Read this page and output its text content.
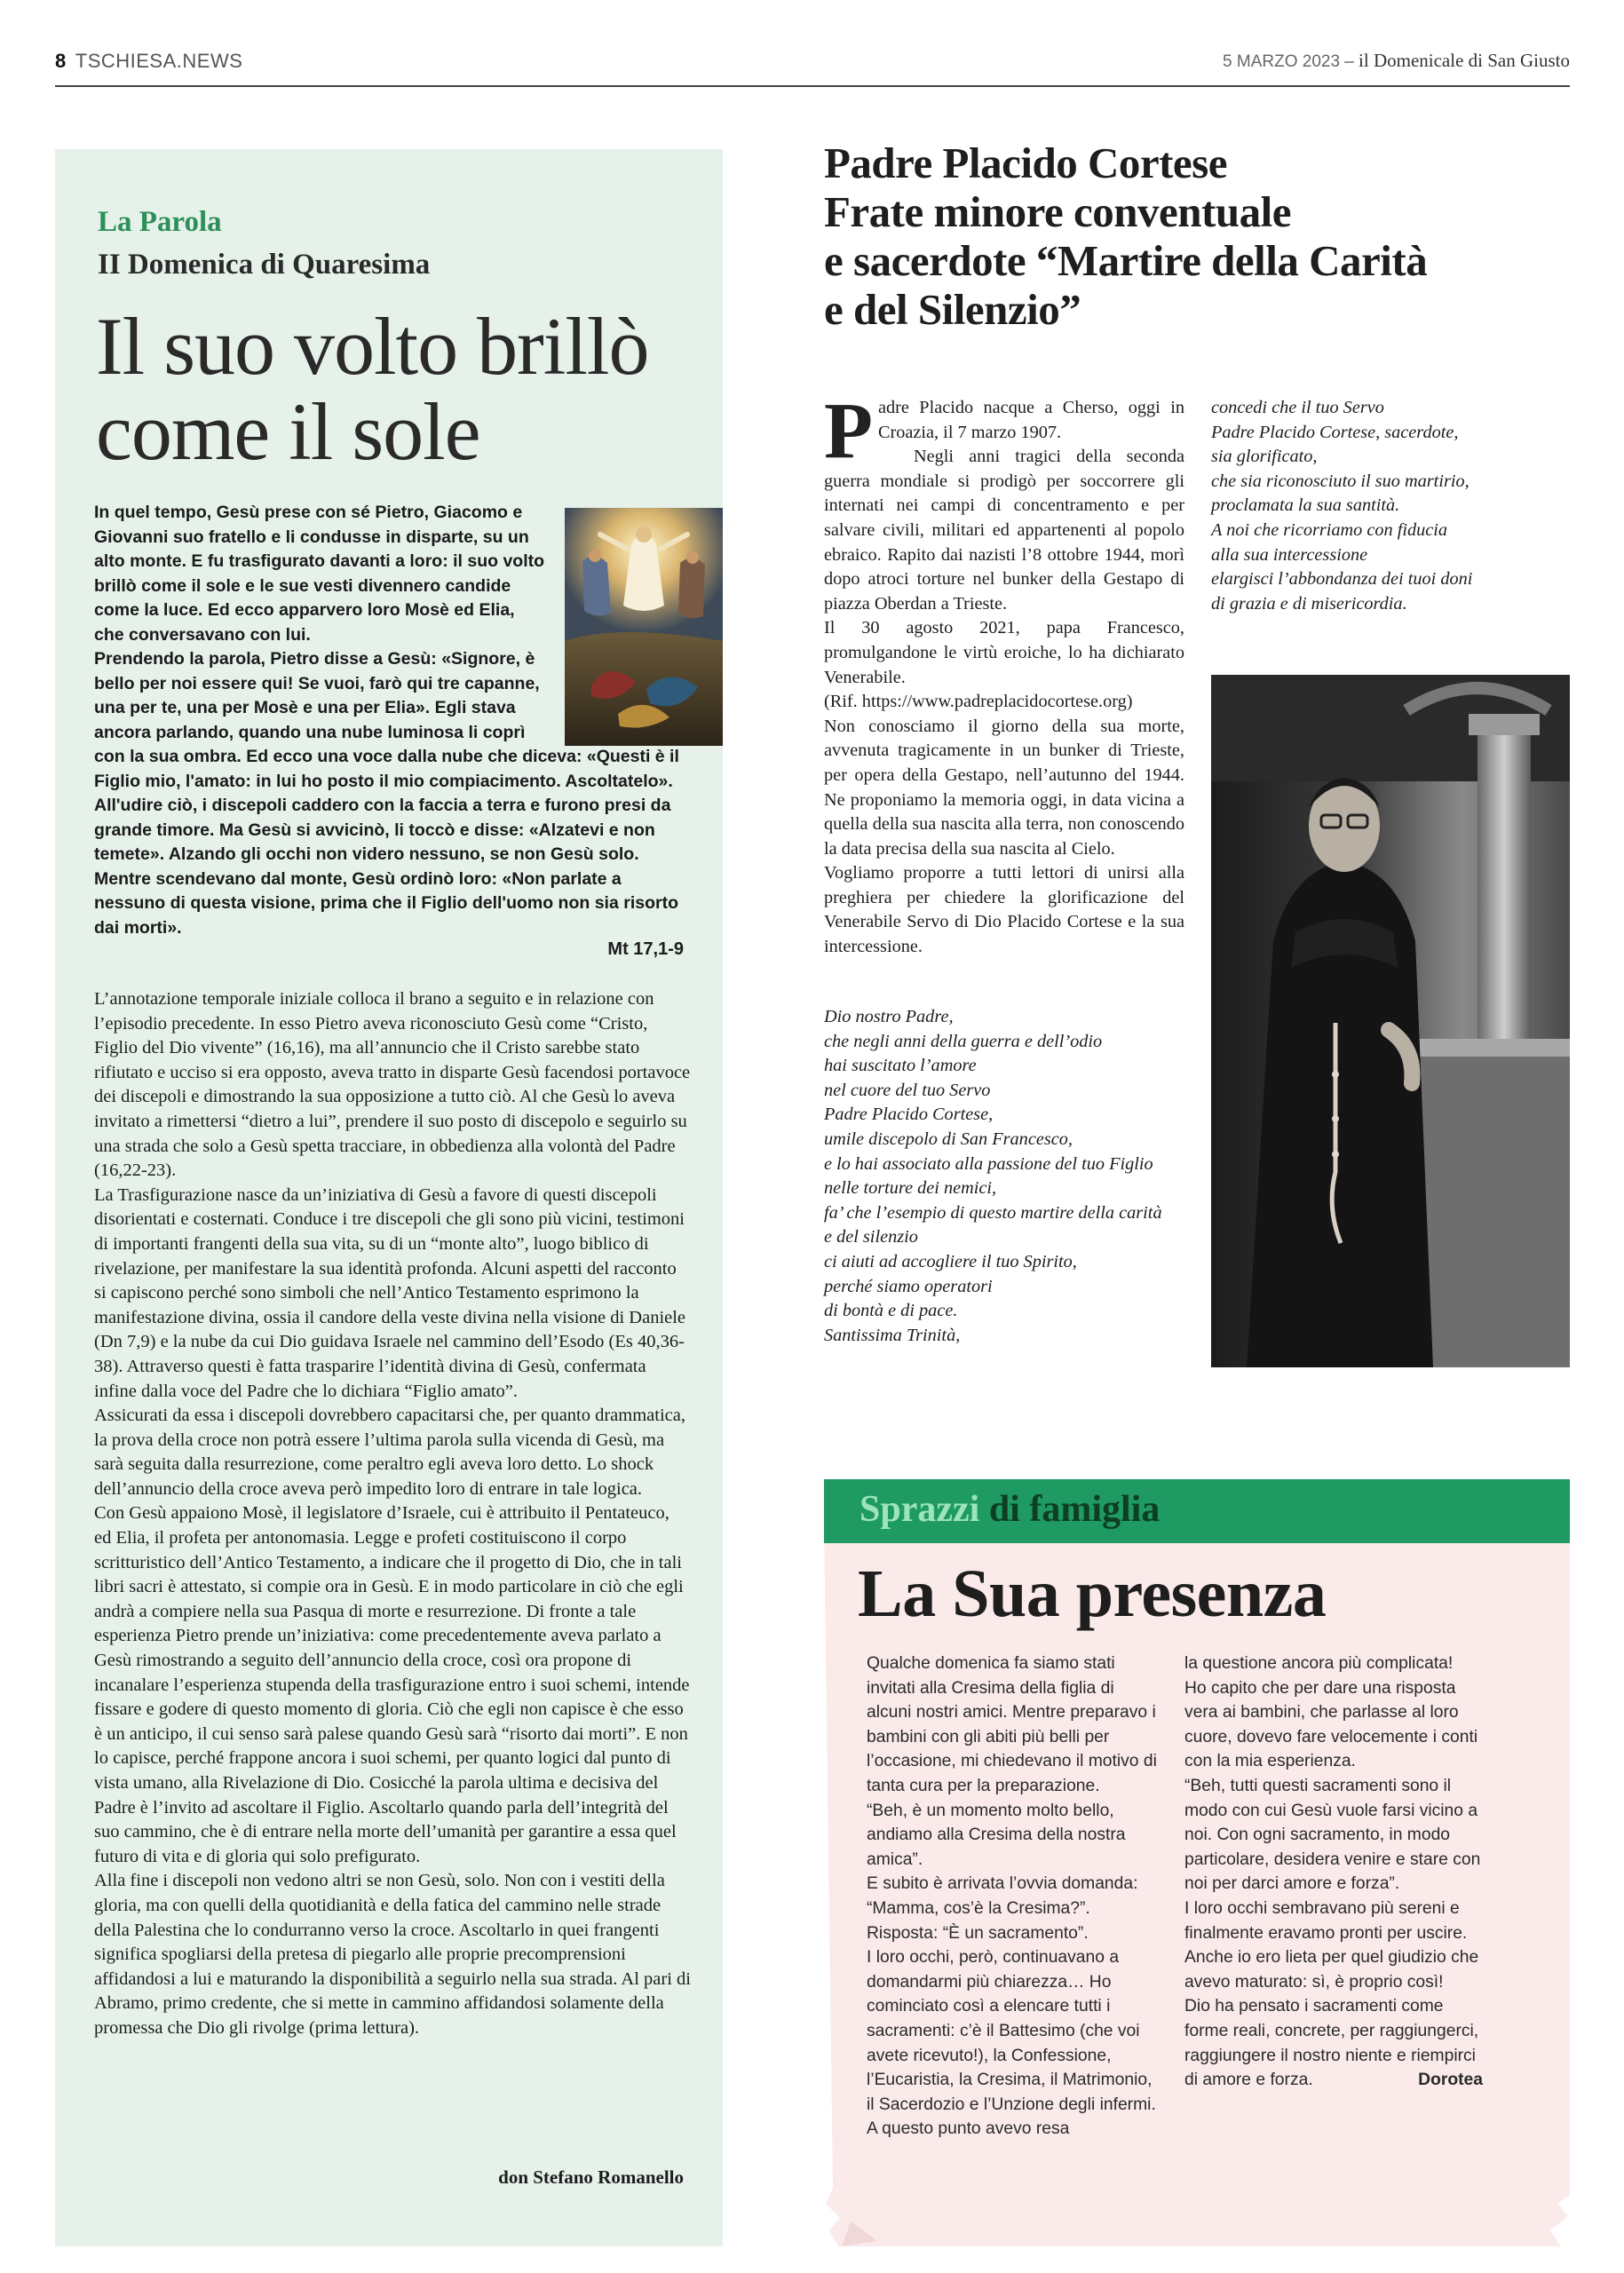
8 TSCHIESA.NEWS	5 MARZO 2023 – il Domenicale di San Giusto
La Parola
II Domenica di Quaresima
Il suo volto brillò
come il sole
In quel tempo, Gesù prese con sé Pietro, Giacomo e
Giovanni suo fratello e li condusse in disparte, su un
alto monte. E fu trasfigurato davanti a loro: il suo volto
brillò come il sole e le sue vesti divennero candide
come la luce. Ed ecco apparvero loro Mosè ed Elia,
che conversavano con lui.
Prendendo la parola, Pietro disse a Gesù: «Signore, è
bello per noi essere qui! Se vuoi, farò qui tre capanne,
una per te, una per Mosè e una per Elia». Egli stava
ancora parlando, quando una nube luminosa li coprì
con la sua ombra. Ed ecco una voce dalla nube che diceva: «Questi è il
Figlio mio, l'amato: in lui ho posto il mio compiacimento. Ascoltatelo».
All'udire ciò, i discepoli caddero con la faccia a terra e furono presi da
grande timore. Ma Gesù si avvicinò, li toccò e disse: «Alzatevi e non
temete». Alzando gli occhi non videro nessuno, se non Gesù solo.
Mentre scendevano dal monte, Gesù ordinò loro: «Non parlate a
nessuno di questa visione, prima che il Figlio dell'uomo non sia risorto
dai morti».
Mt 17,1-9

L’annotazione temporale iniziale colloca il brano a seguito e in relazione con l’episodio precedente. In esso Pietro aveva riconosciuto Gesù come “Cristo, Figlio del Dio vivente” (16,16), ma all’annuncio che il Cristo sarebbe stato rifiutato e ucciso si era opposto, aveva tratto in disparte Gesù facendosi portavoce dei discepoli e dimostrando la sua opposizione a tutto ciò. Al che Gesù lo aveva invitato a rimettersi “dietro a lui”, prendere il suo posto di discepolo e seguirlo su una strada che solo a Gesù spetta tracciare, in obbedienza alla volontà del Padre (16,22-23).

La Trasfigurazione nasce da un’iniziativa di Gesù a favore di questi discepoli disorientati e costernati. Conduce i tre discepoli che gli sono più vicini, testimoni di importanti frangenti della sua vita, su di un “monte alto”, luogo biblico di rivelazione, per manifestare la sua identità profonda. Alcuni aspetti del racconto si capiscono perché sono simboli che nell’Antico Testamento esprimono la manifestazione divina, ossia il candore della veste divina nella visione di Daniele (Dn 7,9) e la nube da cui Dio guidava Israele nel cammino dell’Esodo (Es 40,36-38). Attraverso questi è fatta trasparire l’identità divina di Gesù, confermata infine dalla voce del Padre che lo dichiara “Figlio amato”.

Assicurati da essa i discepoli dovrebbero capacitarsi che, per quanto drammatica, la prova della croce non potrà essere l’ultima parola sulla vicenda di Gesù, ma sarà seguita dalla resurrezione, come peraltro egli aveva loro detto. Lo shock dell’annuncio della croce aveva però impedito loro di entrare in tale logica.

Con Gesù appaiono Mosè, il legislatore d’Israele, cui è attribuito il Pentateuco, ed Elia, il profeta per antonomasia. Legge e profeti costituiscono il corpo scritturistico dell’Antico Testamento, a indicare che il progetto di Dio, che in tali libri sacri è attestato, si compie ora in Gesù. E in modo particolare in ciò che egli andrà a compiere nella sua Pasqua di morte e resurrezione. Di fronte a tale esperienza Pietro prende un’iniziativa: come precedentemente aveva parlato a Gesù rimostrando a seguito dell’annuncio della croce, così ora propone di incanalare l’esperienza stupenda della trasfigurazione entro i suoi schemi, intende fissare e godere di questo momento di gloria. Ciò che egli non capisce è che esso è un anticipo, il cui senso sarà palese quando Gesù sarà “risorto dai morti”. E non lo capisce, perché frappone ancora i suoi schemi, per quanto logici dal punto di vista umano, alla Rivelazione di Dio. Cosicché la parola ultima e decisiva del Padre è l’invito ad ascoltare il Figlio. Ascoltarlo quando parla dell’integrità del suo cammino, che è di entrare nella morte dell’umanità per garantire a essa quel futuro di vita e di gloria qui solo prefigurato.

Alla fine i discepoli non vedono altri se non Gesù, solo. Non con i vestiti della gloria, ma con quelli della quotidianità e della fatica del cammino nelle strade della Palestina che lo condurranno verso la croce. Ascoltarlo in quei frangenti significa spogliarsi della pretesa di piegarlo alle proprie precomprensioni affidandosi a lui e maturando la disponibilità a seguirlo nella sua strada. Al pari di Abramo, primo credente, che si mette in cammino affidandosi solamente della promessa che Dio gli rivolge (prima lettura).

don Stefano Romanello
Padre Placido Cortese
Frate minore conventuale
e sacerdote “Martire della Carità
e del Silenzio”

Padre Placido nacque a Cherso, oggi in Croazia, il 7 marzo 1907.

Negli anni tragici della seconda guerra mondiale si prodigò per soccorrere gli internati nei campi di concentramento e per salvare civili, militari ed appartenenti al popolo ebraico. Rapito dai nazisti l’8 ottobre 1944, morì dopo atroci torture nel bunker della Gestapo di piazza Oberdan a Trieste.

Il 30 agosto 2021, papa Francesco, promulgandone le virtù eroiche, lo ha dichiarato Venerabile.

(Rif. https://www.padreplacidocortese.org)

Non conosciamo il giorno della sua morte, avvenuta tragicamente in un bunker di Trieste, per opera della Gestapo, nell’autunno del 1944. Ne proponiamo la memoria oggi, in data vicina a quella della sua nascita alla terra, non conoscendo la data precisa della sua nascita al Cielo.

Vogliamo proporre a tutti lettori di unirsi alla preghiera per chiedere la glorificazione del Venerabile Servo di Dio Placido Cortese e la sua intercessione.

Dio nostro Padre,
che negli anni della guerra e dell’odio
hai suscitato l’amore
nel cuore del tuo Servo
Padre Placido Cortese,
umile discepolo di San Francesco,
e lo hai associato alla passione del tuo Figlio
nelle torture dei nemici,
fa’ che l’esempio di questo martire della carità
e del silenzio
ci aiuti ad accogliere il tuo Spirito,
perché siamo operatori
di bontà e di pace.
Santissima Trinità,
concedi che il tuo Servo
Padre Placido Cortese, sacerdote,
sia glorificato,
che sia riconosciuto il suo martirio,
proclamata la sua santità.
A noi che ricorriamo con fiducia
alla sua intercessione
elargisci l’abbondanza dei tuoi doni
di grazia e di misericordia.
Sprazzi di famiglia
La Sua presenza

Qualche domenica fa siamo stati invitati alla Cresima della figlia di alcuni nostri amici. Mentre preparavo i bambini con gli abiti più belli per l’occasione, mi chiedevano il motivo di tanta cura per la preparazione.

“Beh, è un momento molto bello, andiamo alla Cresima della nostra amica”.

E subito è arrivata l’ovvia domanda: “Mamma, cos’è la Cresima?”.

Risposta: “È un sacramento”.

I loro occhi, però, continuavano a domandarmi più chiarezza… Ho cominciato così a elencare tutti i sacramenti: c’è il Battesimo (che voi avete ricevuto!), la Confessione, l’Eucaristia, la Cresima, il Matrimonio, il Sacerdozio e l’Unzione degli infermi. A questo punto avevo resa

la questione ancora più complicata!

Ho capito che per dare una risposta vera ai bambini, che parlasse al loro cuore, dovevo fare velocemente i conti con la mia esperienza.

“Beh, tutti questi sacramenti sono il modo con cui Gesù vuole farsi vicino a noi. Con ogni sacramento, in modo particolare, desidera venire e stare con noi per darci amore e forza”.

I loro occhi sembravano più sereni e finalmente eravamo pronti per uscire.

Anche io ero lieta per quel giudizio che avevo maturato: sì, è proprio così!

Dio ha pensato i sacramenti come forme reali, concrete, per raggiungerci, raggiungere il nostro niente e riempirci di amore e forza.	Dorotea
